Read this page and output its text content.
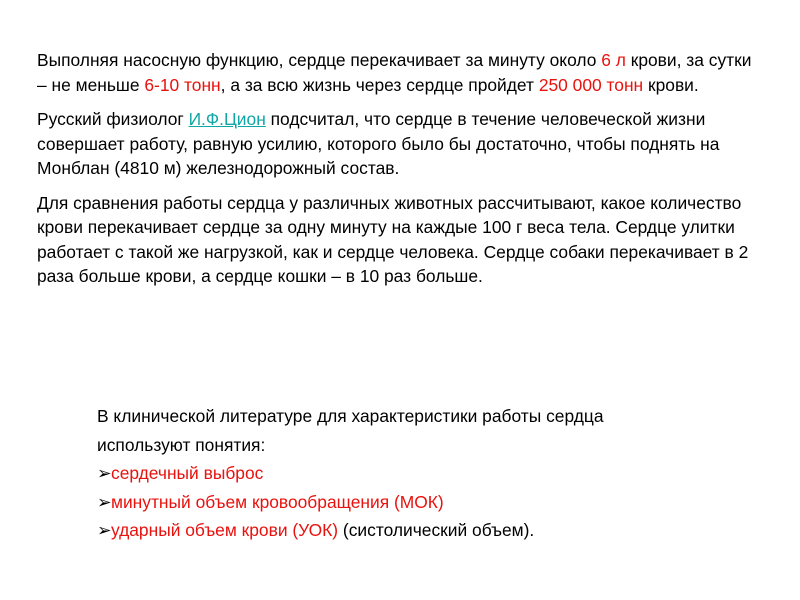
Выполняя насосную функцию, сердце перекачивает за минуту около 6 л крови, за сутки – не меньше 6-10 тонн, а за всю жизнь через сердце пройдет 250 000 тонн крови.

Русский физиолог И.Ф.Цион подсчитал, что сердце в течение человеческой жизни совершает работу, равную усилию, которого было бы достаточно, чтобы поднять на Монблан (4810 м) железнодорожный состав.

Для сравнения работы сердца у различных животных рассчитывают, какое количество крови перекачивает сердце за одну минуту на каждые 100 г веса тела. Сердце улитки работает с такой же нагрузкой, как и сердце человека. Сердце собаки перекачивает в 2 раза больше крови, а сердце кошки – в 10 раз больше.

В клинической литературе для характеристики работы сердца

используют понятия:

➢сердечный выброс

➢минутный объем кровообращения (МОК)

➢ударный объем крови (УОК) (систолический объем).
